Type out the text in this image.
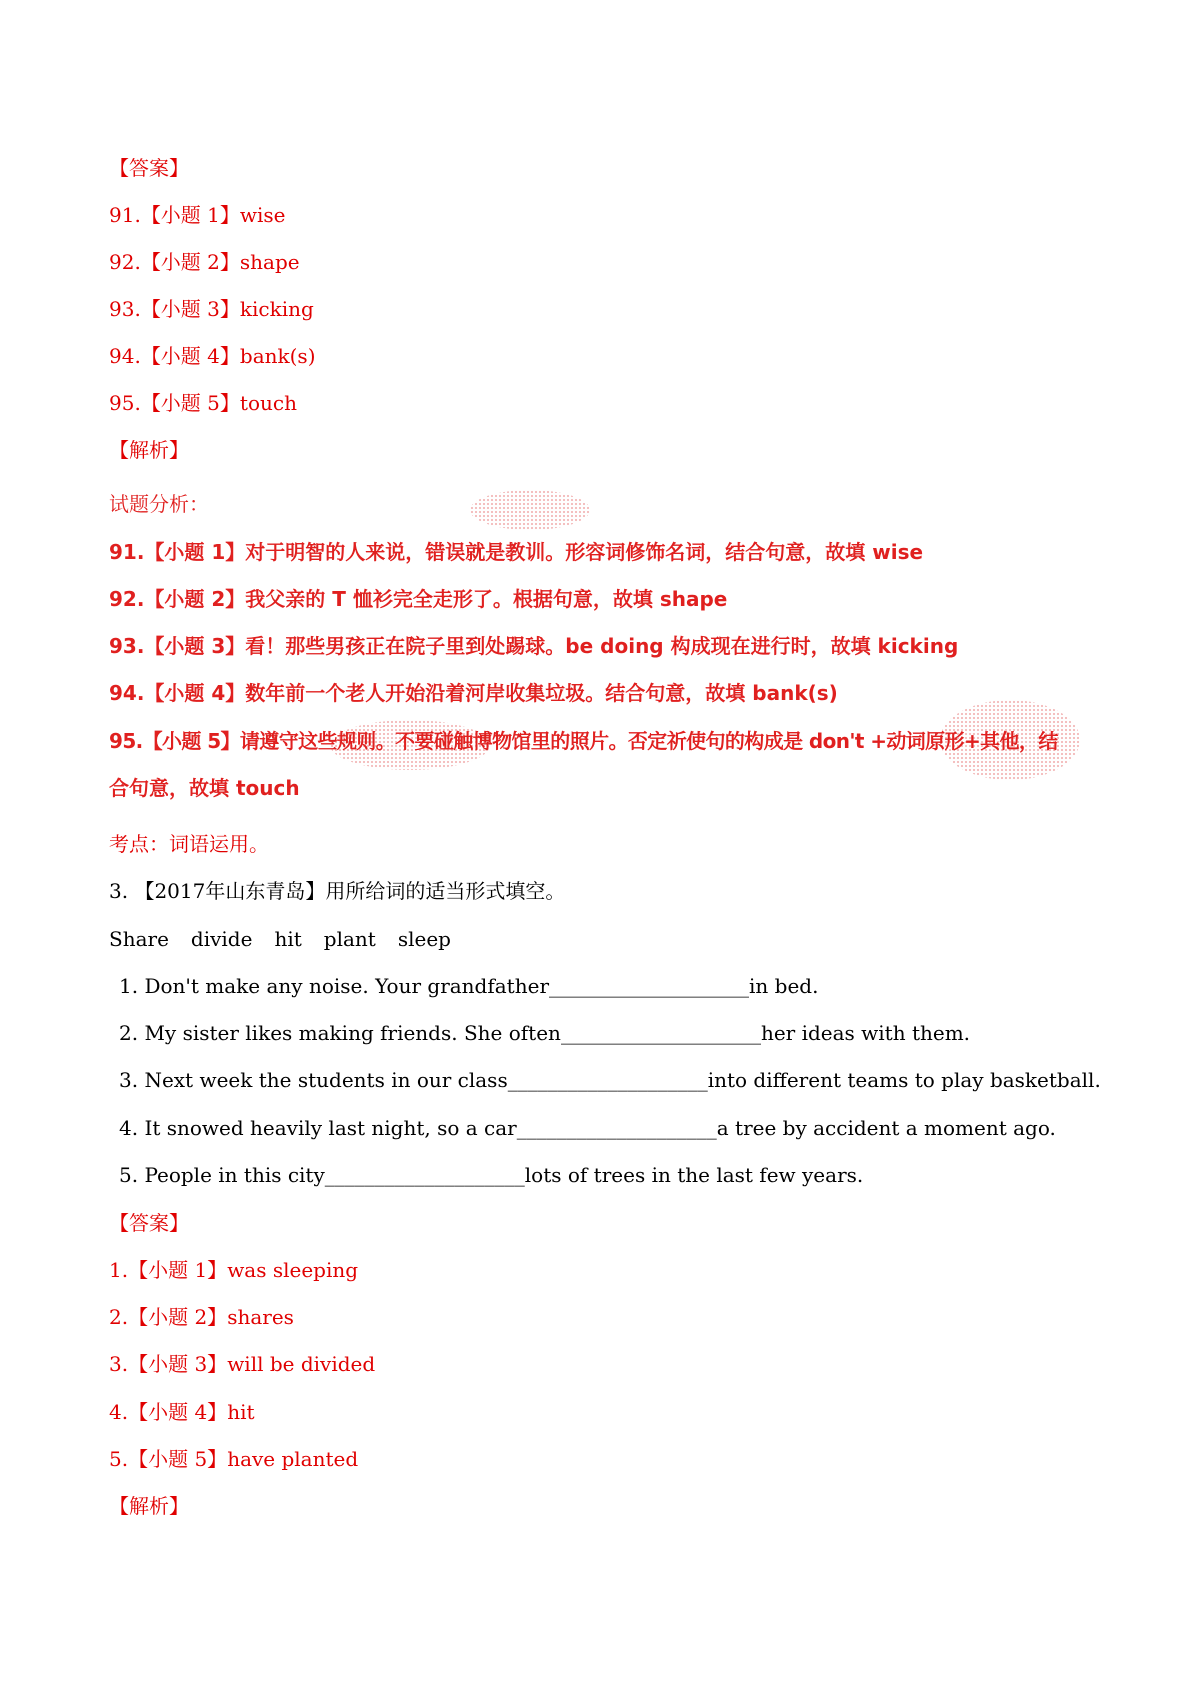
【答案】
91.【小题 1】wise
92.【小题 2】shape
93.【小题 3】kicking
94.【小题 4】bank(s)
95.【小题 5】touch
【解析】
试题分析：
91.【小题 1】对于明智的人来说，错误就是教训。形容词修饰名词，结合句意，故填 wise
92.【小题 2】我父亲的 T 恤衫完全走形了。根据句意，故填 shape
93.【小题 3】看！那些男孩正在院子里到处踢球。be doing 构成现在进行时，故填 kicking
94.【小题 4】数年前一个老人开始沿着河岸收集垃圾。结合句意，故填 bank(s)
95.【小题 5】请遵守这些规则。不要碰触博物馆里的照片。否定祈使句的构成是 don't +动词原形+其他，结
合句意，故填 touch
考点：词语运用。
3. 【2017年山东青岛】用所给词的适当形式填空。
Share divide hit plant sleep
1. Don't make any noise. Your grandfather____________________in bed.
2. My sister likes making friends. She often____________________her ideas with them.
3. Next week the students in our class____________________into different teams to play basketball.
4. It snowed heavily last night, so a car____________________a tree by accident a moment ago.
5. People in this city____________________lots of trees in the last few years.
【答案】
1.【小题 1】was sleeping
2.【小题 2】shares
3.【小题 3】will be divided
4.【小题 4】hit
5.【小题 5】have planted
【解析】
